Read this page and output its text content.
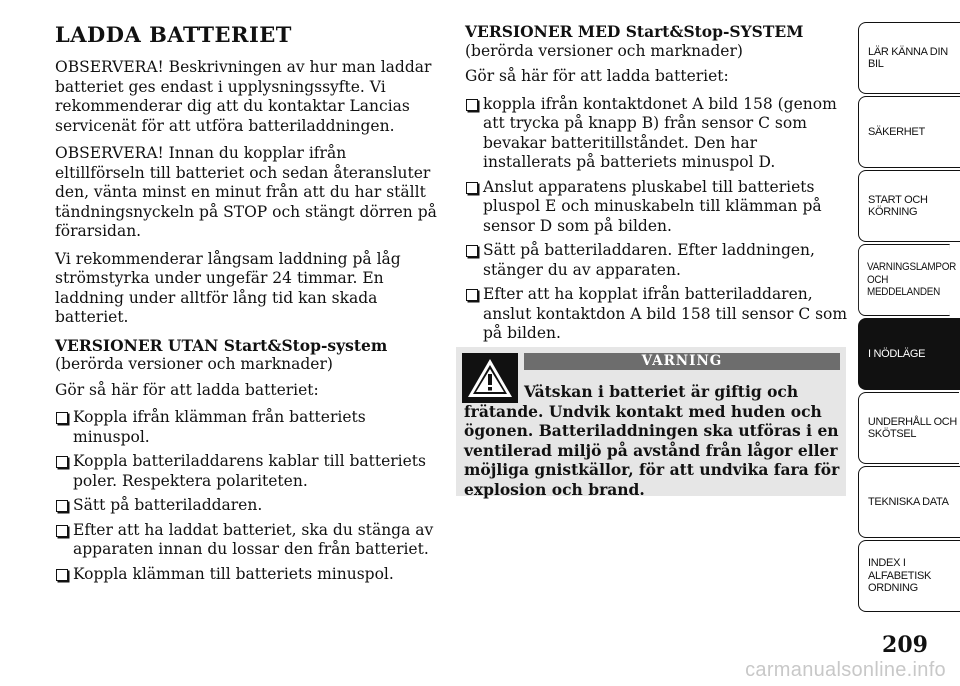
LADDA BATTERIET

OBSERVERA! Beskrivningen av hur man laddar batteriet ges endast i upplysningssyfte. Vi rekommenderar dig att du kontaktar Lancias servicenät för att utföra batteriladdningen.

OBSERVERA! Innan du kopplar ifrån eltillförseln till batteriet och sedan återansluter den, vänta minst en minut från att du har ställt tändningsnyckeln på STOP och stängt dörren på förarsidan.

Vi rekommenderar långsam laddning på låg strömstyrka under ungefär 24 timmar. En laddning under alltför lång tid kan skada batteriet.

VERSIONER UTAN Start&Stop-system

(berörda versioner och marknader)

Gör så här för att ladda batteriet:

Koppla ifrån klämman från batteriets minuspol.
Koppla batteriladdarens kablar till batteriets poler. Respektera polariteten.
Sätt på batteriladdaren.
Efter att ha laddat batteriet, ska du stänga av apparaten innan du lossar den från batteriet.
Koppla klämman till batteriets minuspol.

VERSIONER MED Start&Stop-SYSTEM

(berörda versioner och marknader)

Gör så här för att ladda batteriet:

koppla ifrån kontaktdonet A bild 158 (genom att trycka på knapp B) från sensor C som bevakar batteritillståndet. Den har installerats på batteriets minuspol D.
Anslut apparatens pluskabel till batteriets pluspol E och minuskabeln till klämman på sensor D som på bilden.
Sätt på batteriladdaren. Efter laddningen, stänger du av apparaten.
Efter att ha kopplat ifrån batteriladdaren, anslut kontaktdon A bild 158 till sensor C som på bilden.
VARNING
Vätskan i batteriet är giftig och frätande. Undvik kontakt med huden och ögonen. Batteriladdningen ska utföras i en ventilerad miljö på avstånd från lågor eller möjliga gnistkällor, för att undvika fara för explosion och brand.
LÄR KÄNNA DIN
BIL
SÄKERHET
START OCH
KÖRNING
VARNINGSLAMPOR
OCH
MEDDELANDEN
I NÖDLÄGE
UNDERHÅLL OCH
SKÖTSEL
TEKNISKA DATA
INDEX I
ALFABETISK
ORDNING
209
carmanualsonline.info
